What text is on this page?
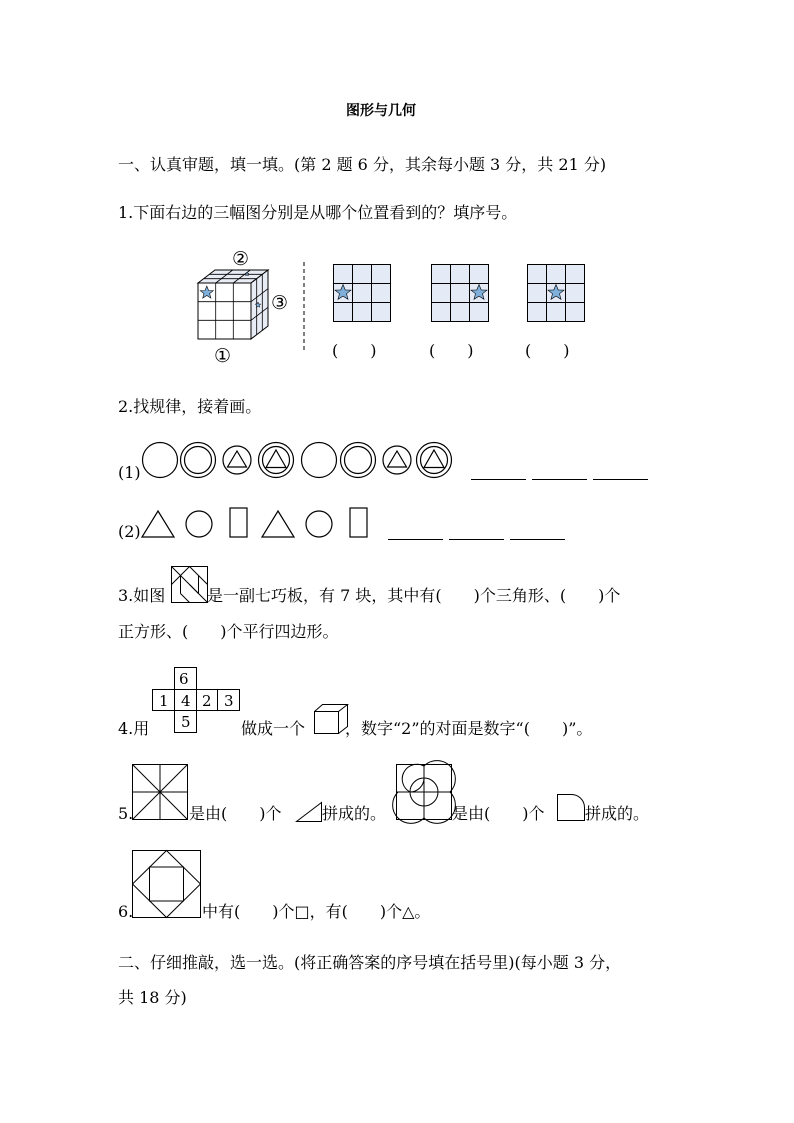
图形与几何
一、认真审题，填一填。(第 2 题 6 分，其余每小题 3 分，共 21 分)
1.下面右边的三幅图分别是从哪个位置看到的？填序号。
②
③
①	(　　)	(　　)	(　　)
2.找规律，接着画。
(1)
(2)
3.如图	是一副七巧板，有 7 块，其中有(　　)个三角形、(　　)个
正方形、(　　)个平行四边形。
4.用
6
1 4 2 3
5	做成一个 ，数字“2”的对面是数字“(　　)”。
5.	是由(　　)个	拼成的。	是由(　　)个	拼成的。
6.	中有(　　)个□，有(　　)个△。
二、仔细推敲，选一选。(将正确答案的序号填在括号里)(每小题 3 分，
共 18 分)
